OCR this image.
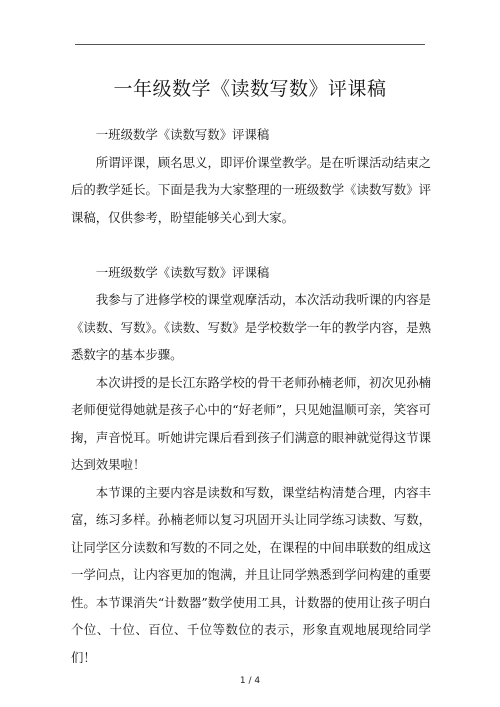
一年级数学《读数写数》评课稿

一班级数学《读数写数》评课稿

所谓评课，顾名思义，即评价课堂教学。是在听课活动结束之后的教学延长。下面是我为大家整理的一班级数学《读数写数》评课稿，仅供参考，盼望能够关心到大家。

一班级数学《读数写数》评课稿

我参与了进修学校的课堂观摩活动，本次活动我听课的内容是《读数、写数》。《读数、写数》是学校数学一年的教学内容，是熟悉数字的基本步骤。

本次讲授的是长江东路学校的骨干老师孙楠老师，初次见孙楠老师便觉得她就是孩子心中的“好老师”，只见她温顺可亲，笑容可掬，声音悦耳。听她讲完课后看到孩子们满意的眼神就觉得这节课达到效果啦！

本节课的主要内容是读数和写数，课堂结构清楚合理，内容丰富，练习多样。孙楠老师以复习巩固开头让同学练习读数、写数，让同学区分读数和写数的不同之处，在课程的中间串联数的组成这一学问点，让内容更加的饱满，并且让同学熟悉到学问构建的重要性。本节课消失“计数器”数学使用工具，计数器的使用让孩子明白个位、十位、百位、千位等数位的表示，形象直观地展现给同学们！

1 / 4
